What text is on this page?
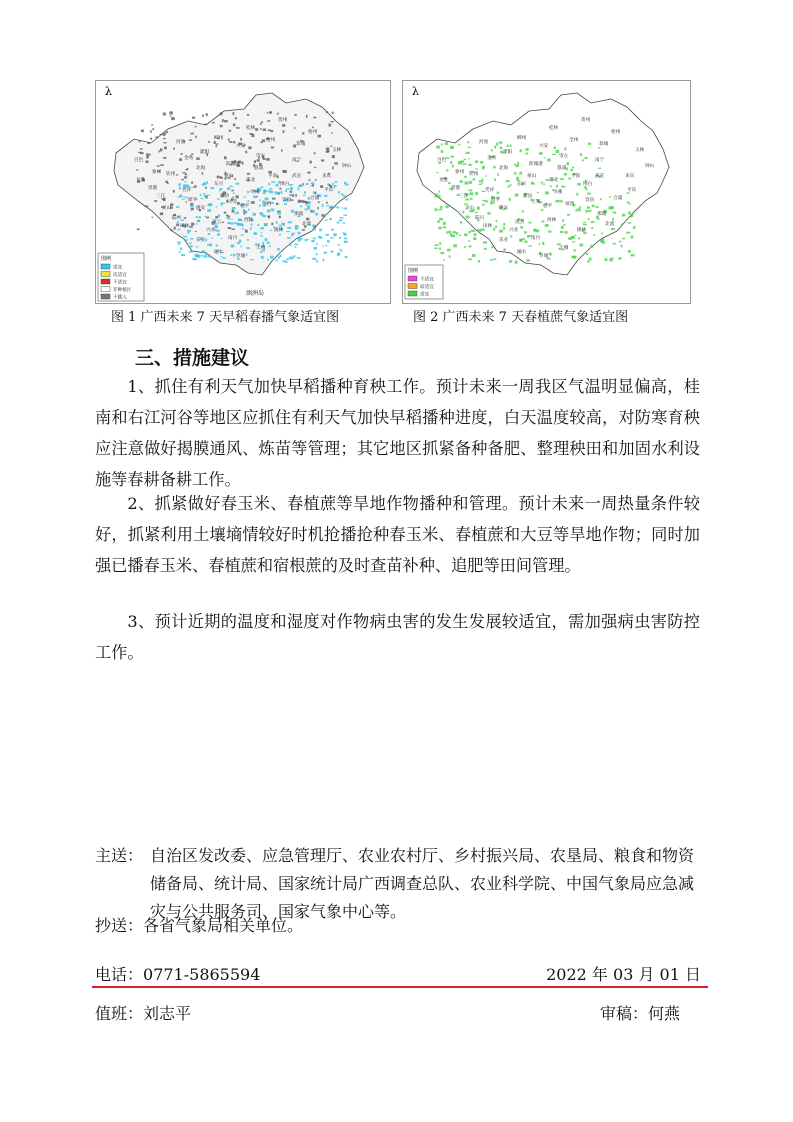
λ
百色
河池
柳州
桂林
贺州
梧州
玉林
钦州
北海
防城港
崇左
南宁
来宾
贵港	凭祥
东兴
浦北
博白
合浦
灵山	隆安
天等	靖西
那坡
田林
凌云	西林
隆林
乐业	南丹
天峨
罗城
融水
三江
龙胜
全州
兴安
灌阳
恭城
平乐
钟山
昭平
藤县
岑溪
容县
北流
陆川
兴业
桂平
平南	武宣
象州
金秀
蒙山
荔浦
涠洲岛
图例
适宜
次适宜
不适宜
非种植区
不播入
图 1 广西未来 7 天早稻春播气象适宜图
λ
百色
河池
柳州
桂林
贺州
梧州
玉林
钦州
北海
防城港
崇左
南宁
来宾
贵港	凭祥
东兴
浦北
博白
合浦
灵山	隆安
天等	靖西
那坡
田林
凌云	西林
隆林
乐业	南丹
天峨
罗城
融水
三江
龙胜
全州
兴安
灌阳
恭城
平乐
钟山
昭平
藤县
岑溪
容县
北流
陆川
兴业
桂平
平南	武宣
象州
金秀
蒙山
荔浦
图例
不适宜
较适宜
适宜
图 2 广西未来 7 天春植蔗气象适宜图
三、措施建议

1、抓住有利天气加快早稻播种育秧工作。预计未来一周我区气温明显偏高，桂南和右江河谷等地区应抓住有利天气加快早稻播种进度，白天温度较高，对防寒育秧应注意做好揭膜通风、炼苗等管理；其它地区抓紧备种备肥、整理秧田和加固水利设施等春耕备耕工作。

2、抓紧做好春玉米、春植蔗等旱地作物播种和管理。预计未来一周热量条件较好，抓紧利用土壤墒情较好时机抢播抢种春玉米、春植蔗和大豆等旱地作物；同时加强已播春玉米、春植蔗和宿根蔗的及时查苗补种、追肥等田间管理。

3、预计近期的温度和湿度对作物病虫害的发生发展较适宜，需加强病虫害防控工作。

主送： 自治区发改委、应急管理厅、农业农村厅、乡村振兴局、农垦局、粮食和物资储备局、统计局、国家统计局广西调查总队、农业科学院、中国气象局应急减灾与公共服务司、国家气象中心等。
抄送：各省气象局相关单位。
电话：0771-5865594	2022 年 03 月 01 日
值班：刘志平	审稿：何燕
